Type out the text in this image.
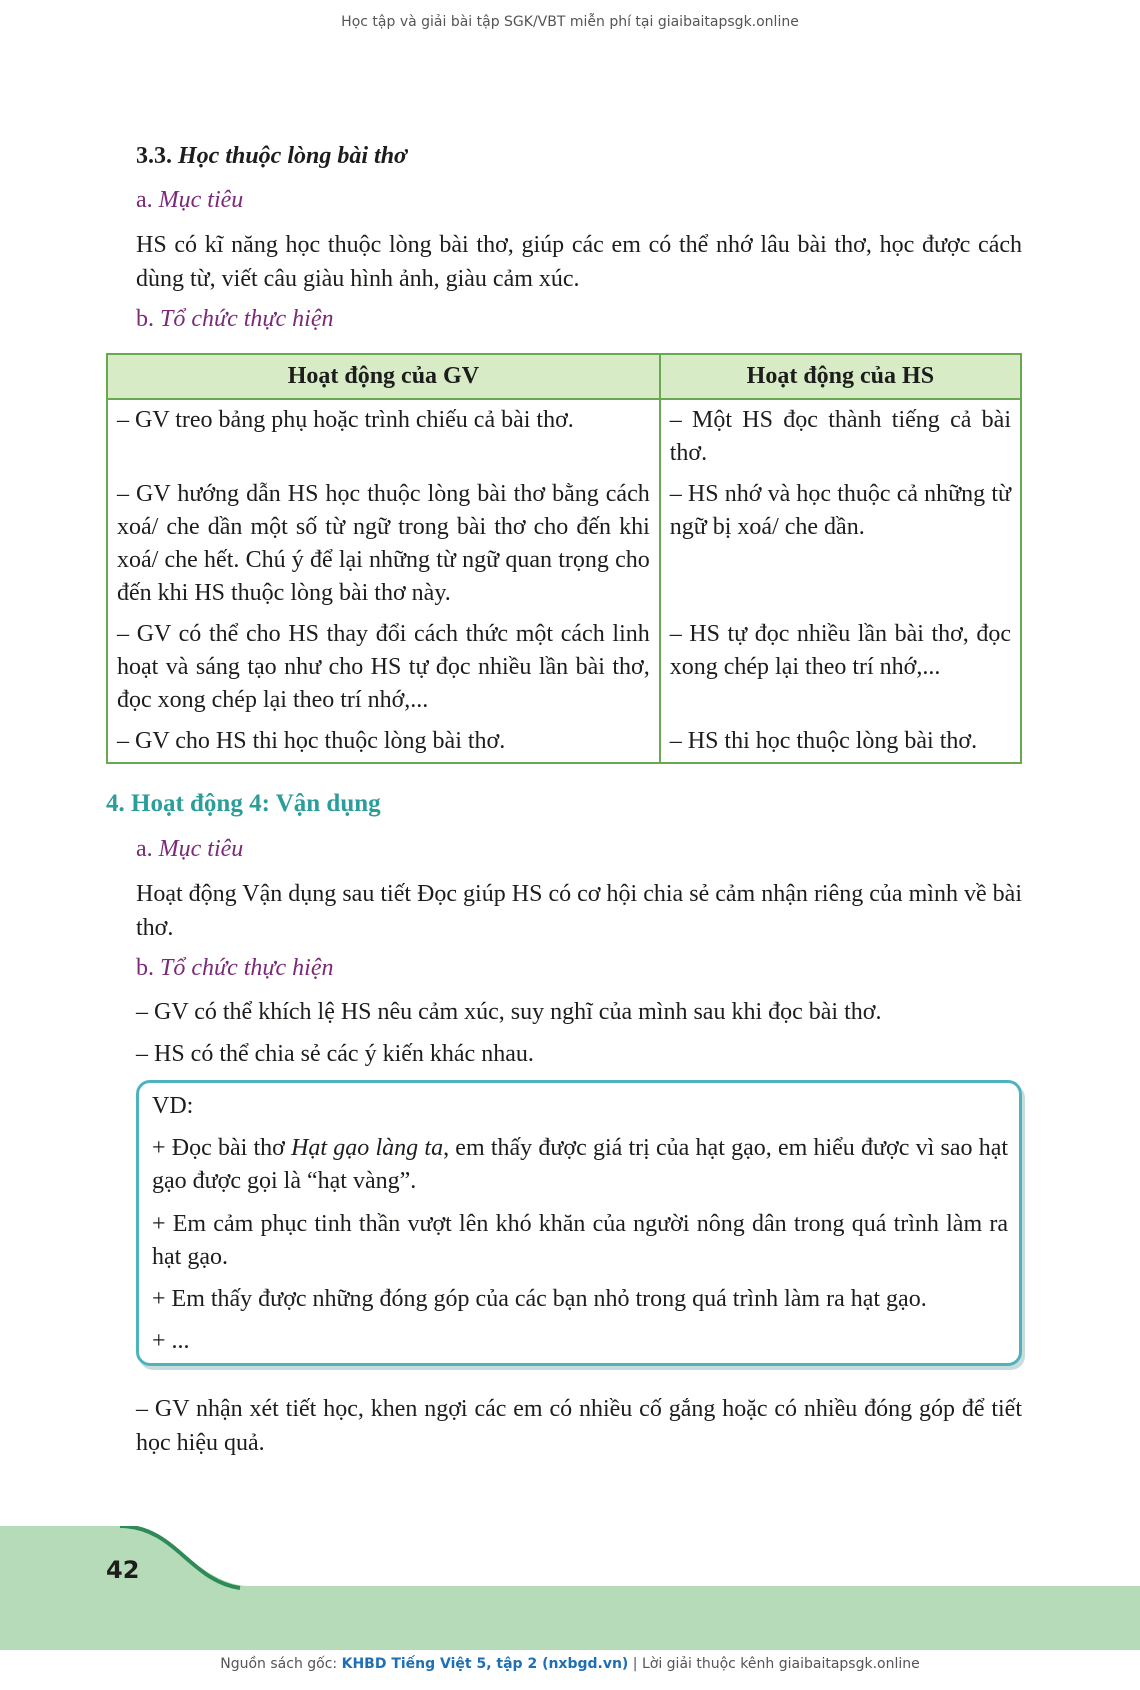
Học tập và giải bài tập SGK/VBT miễn phí tại giaibaitapsgk.online
3.3. Học thuộc lòng bài thơ
a. Mục tiêu
HS có kĩ năng học thuộc lòng bài thơ, giúp các em có thể nhớ lâu bài thơ, học được cách dùng từ, viết câu giàu hình ảnh, giàu cảm xúc.
b. Tổ chức thực hiện
Hoạt động của GV	Hoạt động của HS
– GV treo bảng phụ hoặc trình chiếu cả bài thơ.	– Một HS đọc thành tiếng cả bài thơ.
– GV hướng dẫn HS học thuộc lòng bài thơ bằng cách xoá/ che dần một số từ ngữ trong bài thơ cho đến khi xoá/ che hết. Chú ý để lại những từ ngữ quan trọng cho đến khi HS thuộc lòng bài thơ này.	– HS nhớ và học thuộc cả những từ ngữ bị xoá/ che dần.
– GV có thể cho HS thay đổi cách thức một cách linh hoạt và sáng tạo như cho HS tự đọc nhiều lần bài thơ, đọc xong chép lại theo trí nhớ,...	– HS tự đọc nhiều lần bài thơ, đọc xong chép lại theo trí nhớ,...
– GV cho HS thi học thuộc lòng bài thơ.	– HS thi học thuộc lòng bài thơ.
4. Hoạt động 4: Vận dụng
a. Mục tiêu
Hoạt động Vận dụng sau tiết Đọc giúp HS có cơ hội chia sẻ cảm nhận riêng của mình về bài thơ.
b. Tổ chức thực hiện
– GV có thể khích lệ HS nêu cảm xúc, suy nghĩ của mình sau khi đọc bài thơ.
– HS có thể chia sẻ các ý kiến khác nhau.
VD:
+ Đọc bài thơ Hạt gạo làng ta, em thấy được giá trị của hạt gạo, em hiểu được vì sao hạt gạo được gọi là “hạt vàng”.
+ Em cảm phục tinh thần vượt lên khó khăn của người nông dân trong quá trình làm ra hạt gạo.
+ Em thấy được những đóng góp của các bạn nhỏ trong quá trình làm ra hạt gạo.
+ ...
– GV nhận xét tiết học, khen ngợi các em có nhiều cố gắng hoặc có nhiều đóng góp để tiết học hiệu quả.
42
Nguồn sách gốc: KHBD Tiếng Việt 5, tập 2 (nxbgd.vn) | Lời giải thuộc kênh giaibaitapsgk.online
